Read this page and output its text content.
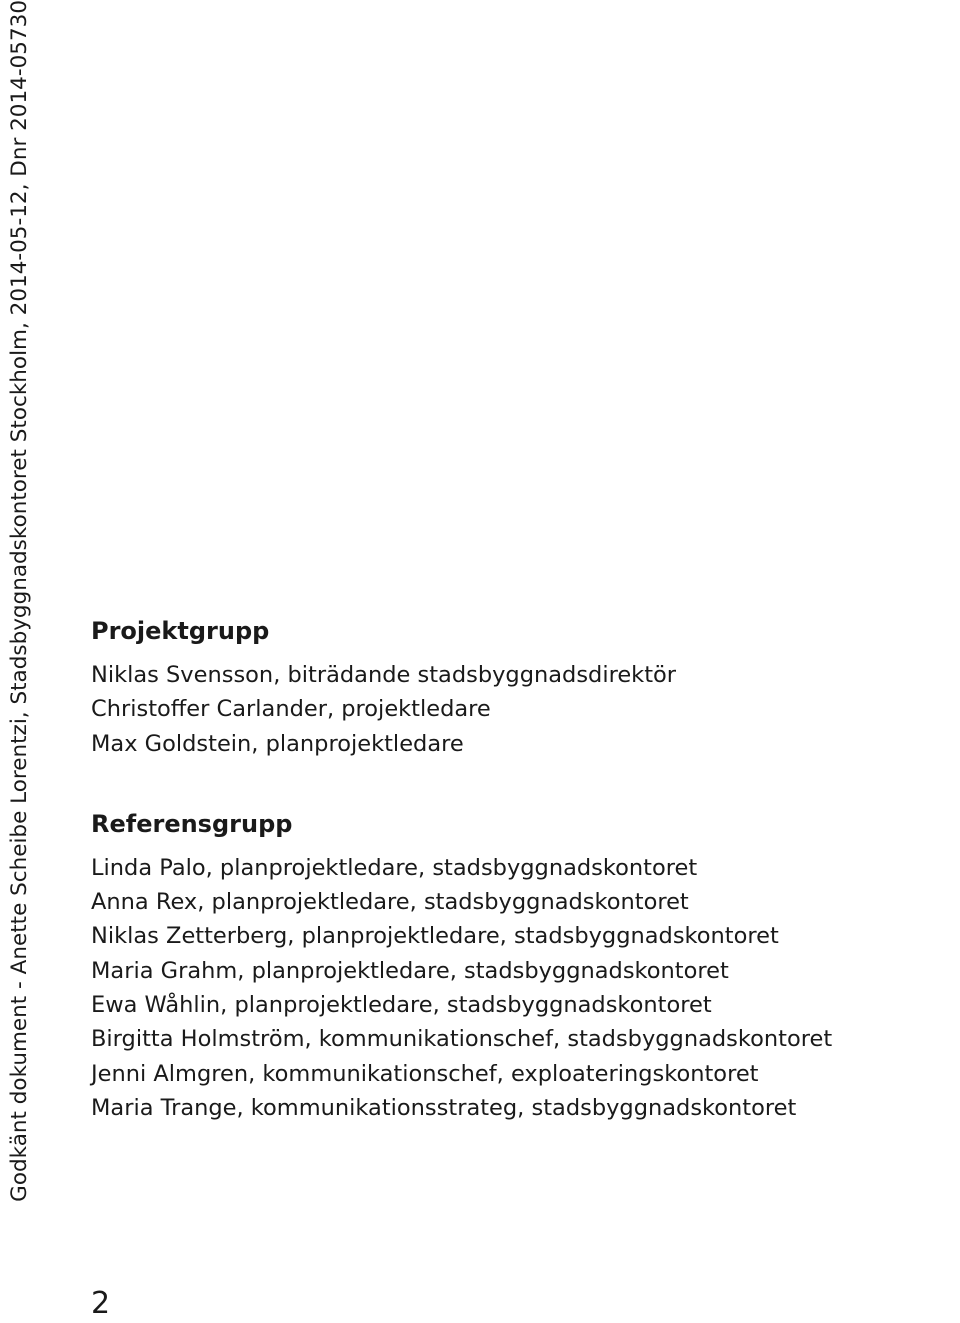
Godkänt dokument - Anette Scheibe Lorentzi, Stadsbyggnadskontoret Stockholm, 2014-05-12, Dnr 2014-05730 Projektgrupp
Niklas Svensson, biträdande stadsbyggnadsdirektör
Christoffer Carlander, projektledare
Max Goldstein, planprojektledare
Referensgrupp
Linda Palo, planprojektledare, stadsbyggnadskontoret
Anna Rex, planprojektledare, stadsbyggnadskontoret
Niklas Zetterberg, planprojektledare, stadsbyggnadskontoret
Maria Grahm, planprojektledare, stadsbyggnadskontoret
Ewa Wåhlin, planprojektledare, stadsbyggnadskontoret
Birgitta Holmström, kommunikationschef, stadsbyggnadskontoret
Jenni Almgren, kommunikationschef, exploateringskontoret
Maria Trange, kommunikationsstrateg, stadsbyggnadskontoret
2
